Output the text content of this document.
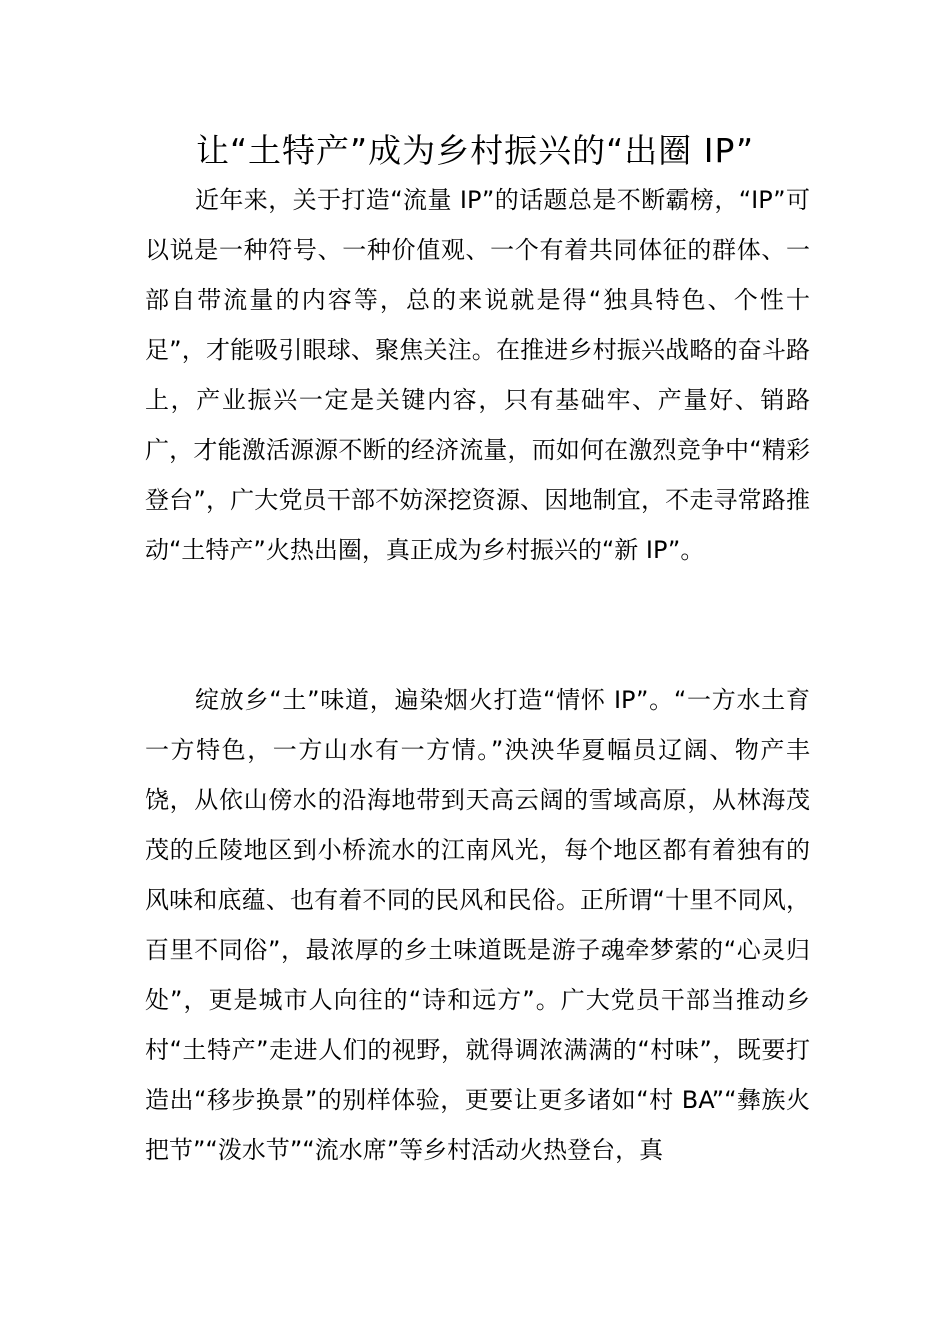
让“土特产”成为乡村振兴的“出圈 IP”

近年来，关于打造“流量 IP”的话题总是不断霸榜，“IP”可以说是一种符号、一种价值观、一个有着共同体征的群体、一部自带流量的内容等，总的来说就是得“独具特色、个性十足”，才能吸引眼球、聚焦关注。在推进乡村振兴战略的奋斗路上，产业振兴一定是关键内容，只有基础牢、产量好、销路广，才能激活源源不断的经济流量，而如何在激烈竞争中“精彩登台”，广大党员干部不妨深挖资源、因地制宜，不走寻常路推动“土特产”火热出圈，真正成为乡村振兴的“新 IP”。

绽放乡“土”味道，遍染烟火打造“情怀 IP”。“一方水土育一方特色，一方山水有一方情。”泱泱华夏幅员辽阔、物产丰饶，从依山傍水的沿海地带到天高云阔的雪域高原，从林海茂茂的丘陵地区到小桥流水的江南风光，每个地区都有着独有的风味和底蕴、也有着不同的民风和民俗。正所谓“十里不同风，百里不同俗”，最浓厚的乡土味道既是游子魂牵梦萦的“心灵归处”，更是城市人向往的“诗和远方”。广大党员干部当推动乡村“土特产”走进人们的视野，就得调浓满满的“村味”，既要打造出“移步换景”的别样体验，更要让更多诸如“村 BA”“彝族火把节”“泼水节”“流水席”等乡村活动火热登台，真
